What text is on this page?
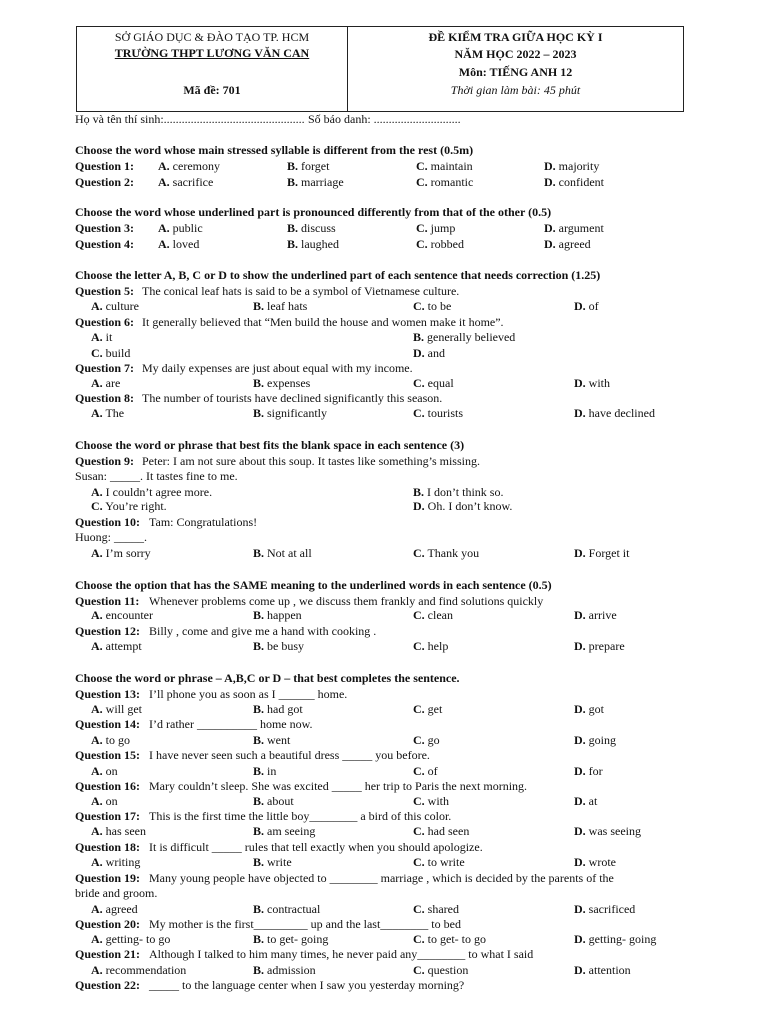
SỞ GIÁO DỤC & ĐÀO TẠO TP. HCM
TRƯỜNG THPT LƯƠNG VĂN CAN
Mã đề: 701
ĐỀ KIỂM TRA GIỮA HỌC KỲ I
NĂM HỌC 2022 – 2023
Môn: TIẾNG ANH 12
Thời gian làm bài: 45 phút
Họ và tên thí sinh:............................................... Số báo danh: .............................
Choose the word whose main stressed syllable is different from the rest (0.5m)
Question 1: A. ceremony	B. forget	C. maintain	D. majority
Question 2: A. sacrifice	B. marriage	C. romantic	D. confident
Choose the word whose underlined part is pronounced differently from that of the other (0.5)
Question 3: A. public	B. discuss	C. jump	D. argument
Question 4: A. loved	B. laughed	C. robbed	D. agreed
Choose the letter A, B, C or D to show the underlined part of each sentence that needs correction (1.25)
Question 5: The conical leaf hats is said to be a symbol of Vietnamese culture.
A. culture	B. leaf hats	C. to be	D. of
Question 6: It generally believed that “Men build the house and women make it home”.
A. it	B. generally believed
C. build	D. and
Question 7: My daily expenses are just about equal with my income.
A. are	B. expenses	C. equal	D. with
Question 8: The number of tourists have declined significantly this season.
A. The	B. significantly	C. tourists	D. have declined
Choose the word or phrase that best fits the blank space in each sentence (3)
Question 9: Peter: I am not sure about this soup. It tastes like something’s missing.
Susan: _____. It tastes fine to me.
A. I couldn’t agree more.	B. I don’t think so.
C. You’re right.	D. Oh. I don’t know.
Question 10: Tam: Congratulations!
Huong: _____.
A. I’m sorry	B. Not at all	C. Thank you	D. Forget it
Choose the option that has the SAME meaning to the underlined words in each sentence (0.5)
Question 11: Whenever problems come up , we discuss them frankly and find solutions quickly
A. encounter	B. happen	C. clean	D. arrive
Question 12: Billy , come and give me a hand with cooking .
A. attempt	B. be busy	C. help	D. prepare
Choose the word or phrase – A,B,C or D – that best completes the sentence.
Question 13: I’ll phone you as soon as I ______ home.
A. will get	B. had got	C. get	D. got
Question 14: I’d rather __________ home now.
A. to go	B. went	C. go	D. going
Question 15: I have never seen such a beautiful dress _____ you before.
A. on	B. in	C. of	D. for
Question 16: Mary couldn’t sleep. She was excited _____ her trip to Paris the next morning.
A. on	B. about	C. with	D. at
Question 17: This is the first time the little boy________ a bird of this color.
A. has seen	B. am seeing	C. had seen	D. was seeing
Question 18: It is difficult _____ rules that tell exactly when you should apologize.
A. writing	B. write	C. to write	D. wrote
Question 19: Many young people have objected to ________ marriage , which is decided by the parents of the
bride and groom.
A. agreed	B. contractual	C. shared	D. sacrificed
Question 20: My mother is the first_________ up and the last________ to bed
A. getting- to go	B. to get- going	C. to get- to go	D. getting- going
Question 21: Although I talked to him many times, he never paid any________ to what I said
A. recommendation	B. admission	C. question	D. attention
Question 22: _____ to the language center when I saw you yesterday morning?
